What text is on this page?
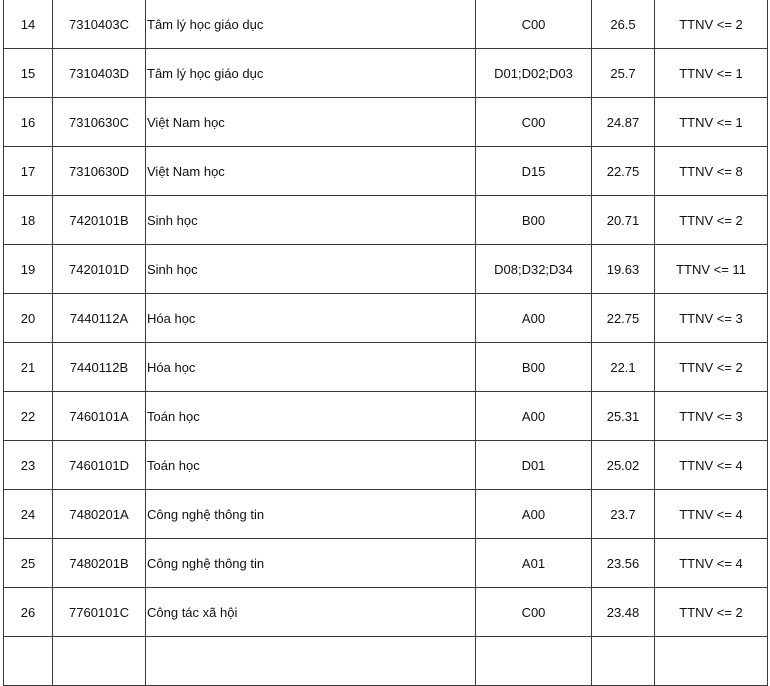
14	7310403C	Tâm lý học giáo dục	C00	26.5	TTNV <= 2
15	7310403D	Tâm lý học giáo dục	D01;D02;D03	25.7	TTNV <= 1
16	7310630C	Việt Nam học	C00	24.87	TTNV <= 1
17	7310630D	Việt Nam học	D15	22.75	TTNV <= 8
18	7420101B	Sinh học	B00	20.71	TTNV <= 2
19	7420101D	Sinh học	D08;D32;D34	19.63	TTNV <= 11
20	7440112A	Hóa học	A00	22.75	TTNV <= 3
21	7440112B	Hóa học	B00	22.1	TTNV <= 2
22	7460101A	Toán học	A00	25.31	TTNV <= 3
23	7460101D	Toán học	D01	25.02	TTNV <= 4
24	7480201A	Công nghệ thông tin	A00	23.7	TTNV <= 4
25	7480201B	Công nghệ thông tin	A01	23.56	TTNV <= 4
26	7760101C	Công tác xã hội	C00	23.48	TTNV <= 2
